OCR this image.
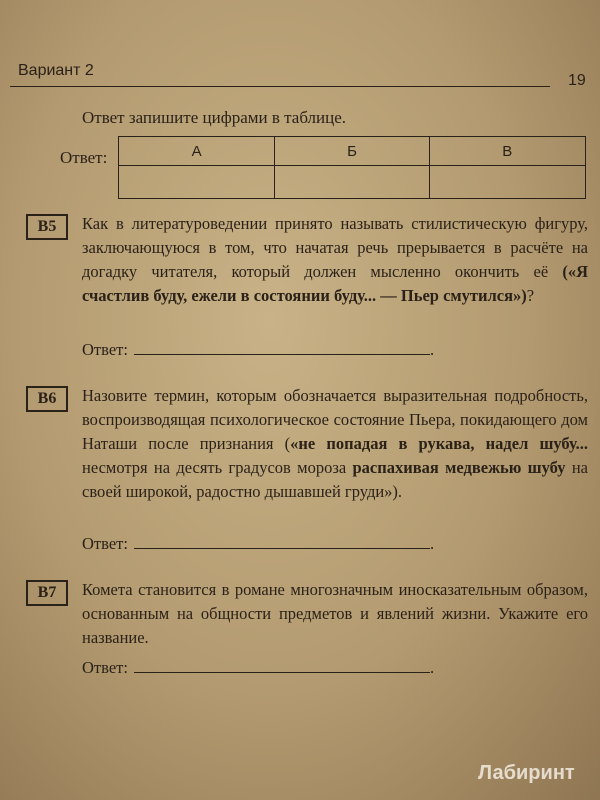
Вариант 2
19
Ответ запишите цифрами в таблице.
Ответ:	А	Б	В

B5	Как в литературоведении принято называть стилистическую фигуру, заключающуюся в том, что начатая речь прерывается в расчёте на догадку читателя, который должен мысленно окончить её («Я счастлив буду, ежели в состоянии буду... — Пьер смутился»)?
Ответ:	.
B6	Назовите термин, которым обозначается выразительная подробность, воспроизводящая психологическое состояние Пьера, покидающего дом Наташи после признания («не попадая в рукава, надел шубу... несмотря на десять градусов мороза распахивая медвежью шубу на своей широкой, радостно дышавшей груди»).
Ответ:	.
B7	Комета становится в романе многозначным иносказательным образом, основанным на общности предметов и явлений жизни. Укажите его название.
Ответ:	.
Лабиринт
